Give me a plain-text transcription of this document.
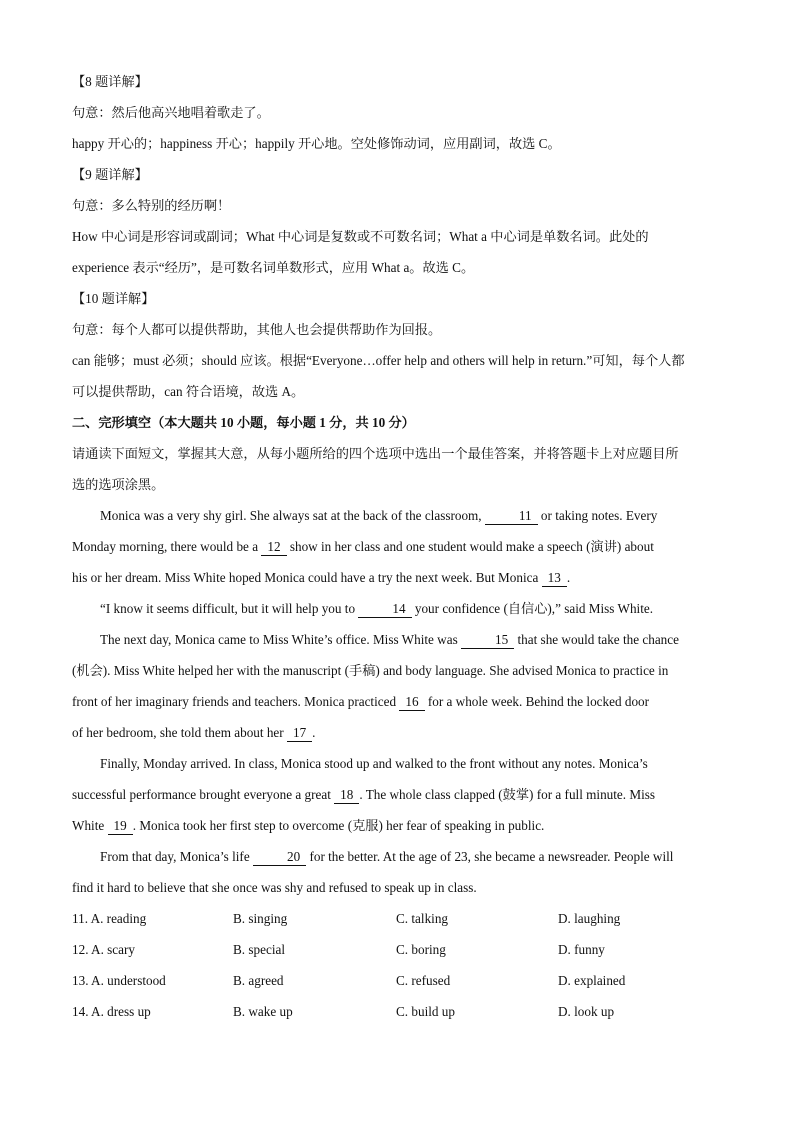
【8 题详解】
句意：然后他高兴地唱着歌走了。
happy 开心的；happiness 开心；happily 开心地。空处修饰动词，应用副词，故选 C。
【9 题详解】
句意：多么特别的经历啊！
How 中心词是形容词或副词；What 中心词是复数或不可数名词；What a 中心词是单数名词。此处的
experience 表示“经历”，是可数名词单数形式，应用 What a。故选 C。
【10 题详解】
句意：每个人都可以提供帮助，其他人也会提供帮助作为回报。
can 能够；must 必须；should 应该。根据“Everyone…offer help and others will help in return.”可知，每个人都
可以提供帮助，can 符合语境，故选 A。
二、完形填空（本大题共 10 小题，每小题 1 分，共 10 分）
请通读下面短文，掌握其大意，从每小题所给的四个选项中选出一个最佳答案，并将答题卡上对应题目所
选的选项涂黑。
Monica was a very shy girl. She always sat at the back of the classroom,	11 or taking notes. Every
Monday morning, there would be a 12 show in her class and one student would make a speech (演讲) about
his or her dream. Miss White hoped Monica could have a try the next week. But Monica 13 .
“I know it seems difficult, but it will help you to	14 your confidence (自信心),” said Miss White.
The next day, Monica came to Miss White’s office. Miss White was	15 that she would take the chance
(机会). Miss White helped her with the manuscript (手稿) and body language. She advised Monica to practice in
front of her imaginary friends and teachers. Monica practiced 16 for a whole week. Behind the locked door
of her bedroom, she told them about her 17 .
Finally, Monday arrived. In class, Monica stood up and walked to the front without any notes. Monica’s
successful performance brought everyone a great 18 . The whole class clapped (鼓掌) for a full minute. Miss
White 19 . Monica took her first step to overcome (克服) her fear of speaking in public.
From that day, Monica’s life	20 for the better. At the age of 23, she became a newsreader. People will
find it hard to believe that she once was shy and refused to speak up in class.
11. A. reading	B. singing	C. talking	D. laughing
12. A. scary	B. special	C. boring	D. funny
13. A. understood	B. agreed	C. refused	D. explained
14. A. dress up	B. wake up	C. build up	D. look up
